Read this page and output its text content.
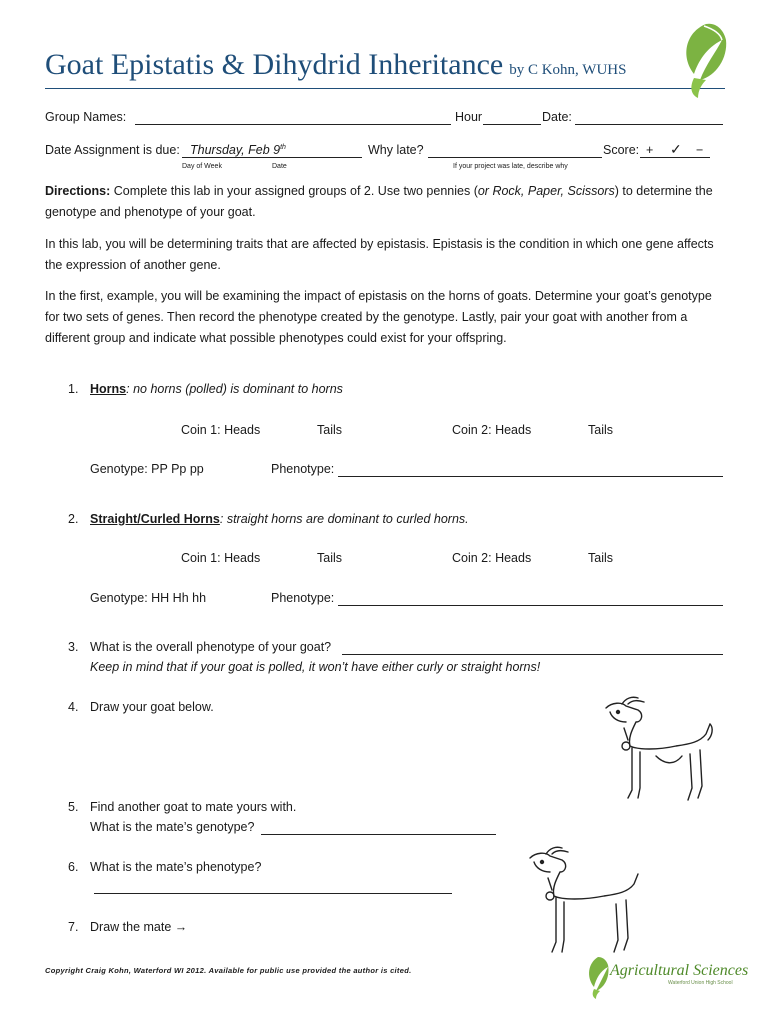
Goat Epistatis & Dihydrid Inheritance by C Kohn, WUHS
Group Names:	Hour	Date:
Date Assignment is due: Thursday, Feb 9th
Day of Week	Date
Why late?
If your project was late, describe why
Score: + ✓ −
Directions: Complete this lab in your assigned groups of 2. Use two pennies (or Rock, Paper, Scissors) to determine the genotype and phenotype of your goat.
In this lab, you will be determining traits that are affected by epistasis. Epistasis is the condition in which one gene affects the expression of another gene.
In the first, example, you will be examining the impact of epistasis on the horns of goats. Determine your goat’s genotype for two sets of genes. Then record the phenotype created by the genotype. Lastly, pair your goat with another from a different group and indicate what possible phenotypes could exist for your offspring.
1. Horns: no horns (polled) is dominant to horns
Coin 1: Heads	Tails	Coin 2: Heads	Tails
Genotype: PP Pp pp	Phenotype:
2. Straight/Curled Horns: straight horns are dominant to curled horns.
Coin 1: Heads	Tails	Coin 2: Heads	Tails
Genotype: HH Hh hh	Phenotype:
3. What is the overall phenotype of your goat?
Keep in mind that if your goat is polled, it won’t have either curly or straight horns!
4. Draw your goat below.
5. Find another goat to mate yours with.
What is the mate’s genotype?
6. What is the mate’s phenotype?
7. Draw the mate →
Copyright Craig Kohn, Waterford WI 2012. Available for public use provided the author is cited.	Agricultural Sciences
Waterford Union High School
